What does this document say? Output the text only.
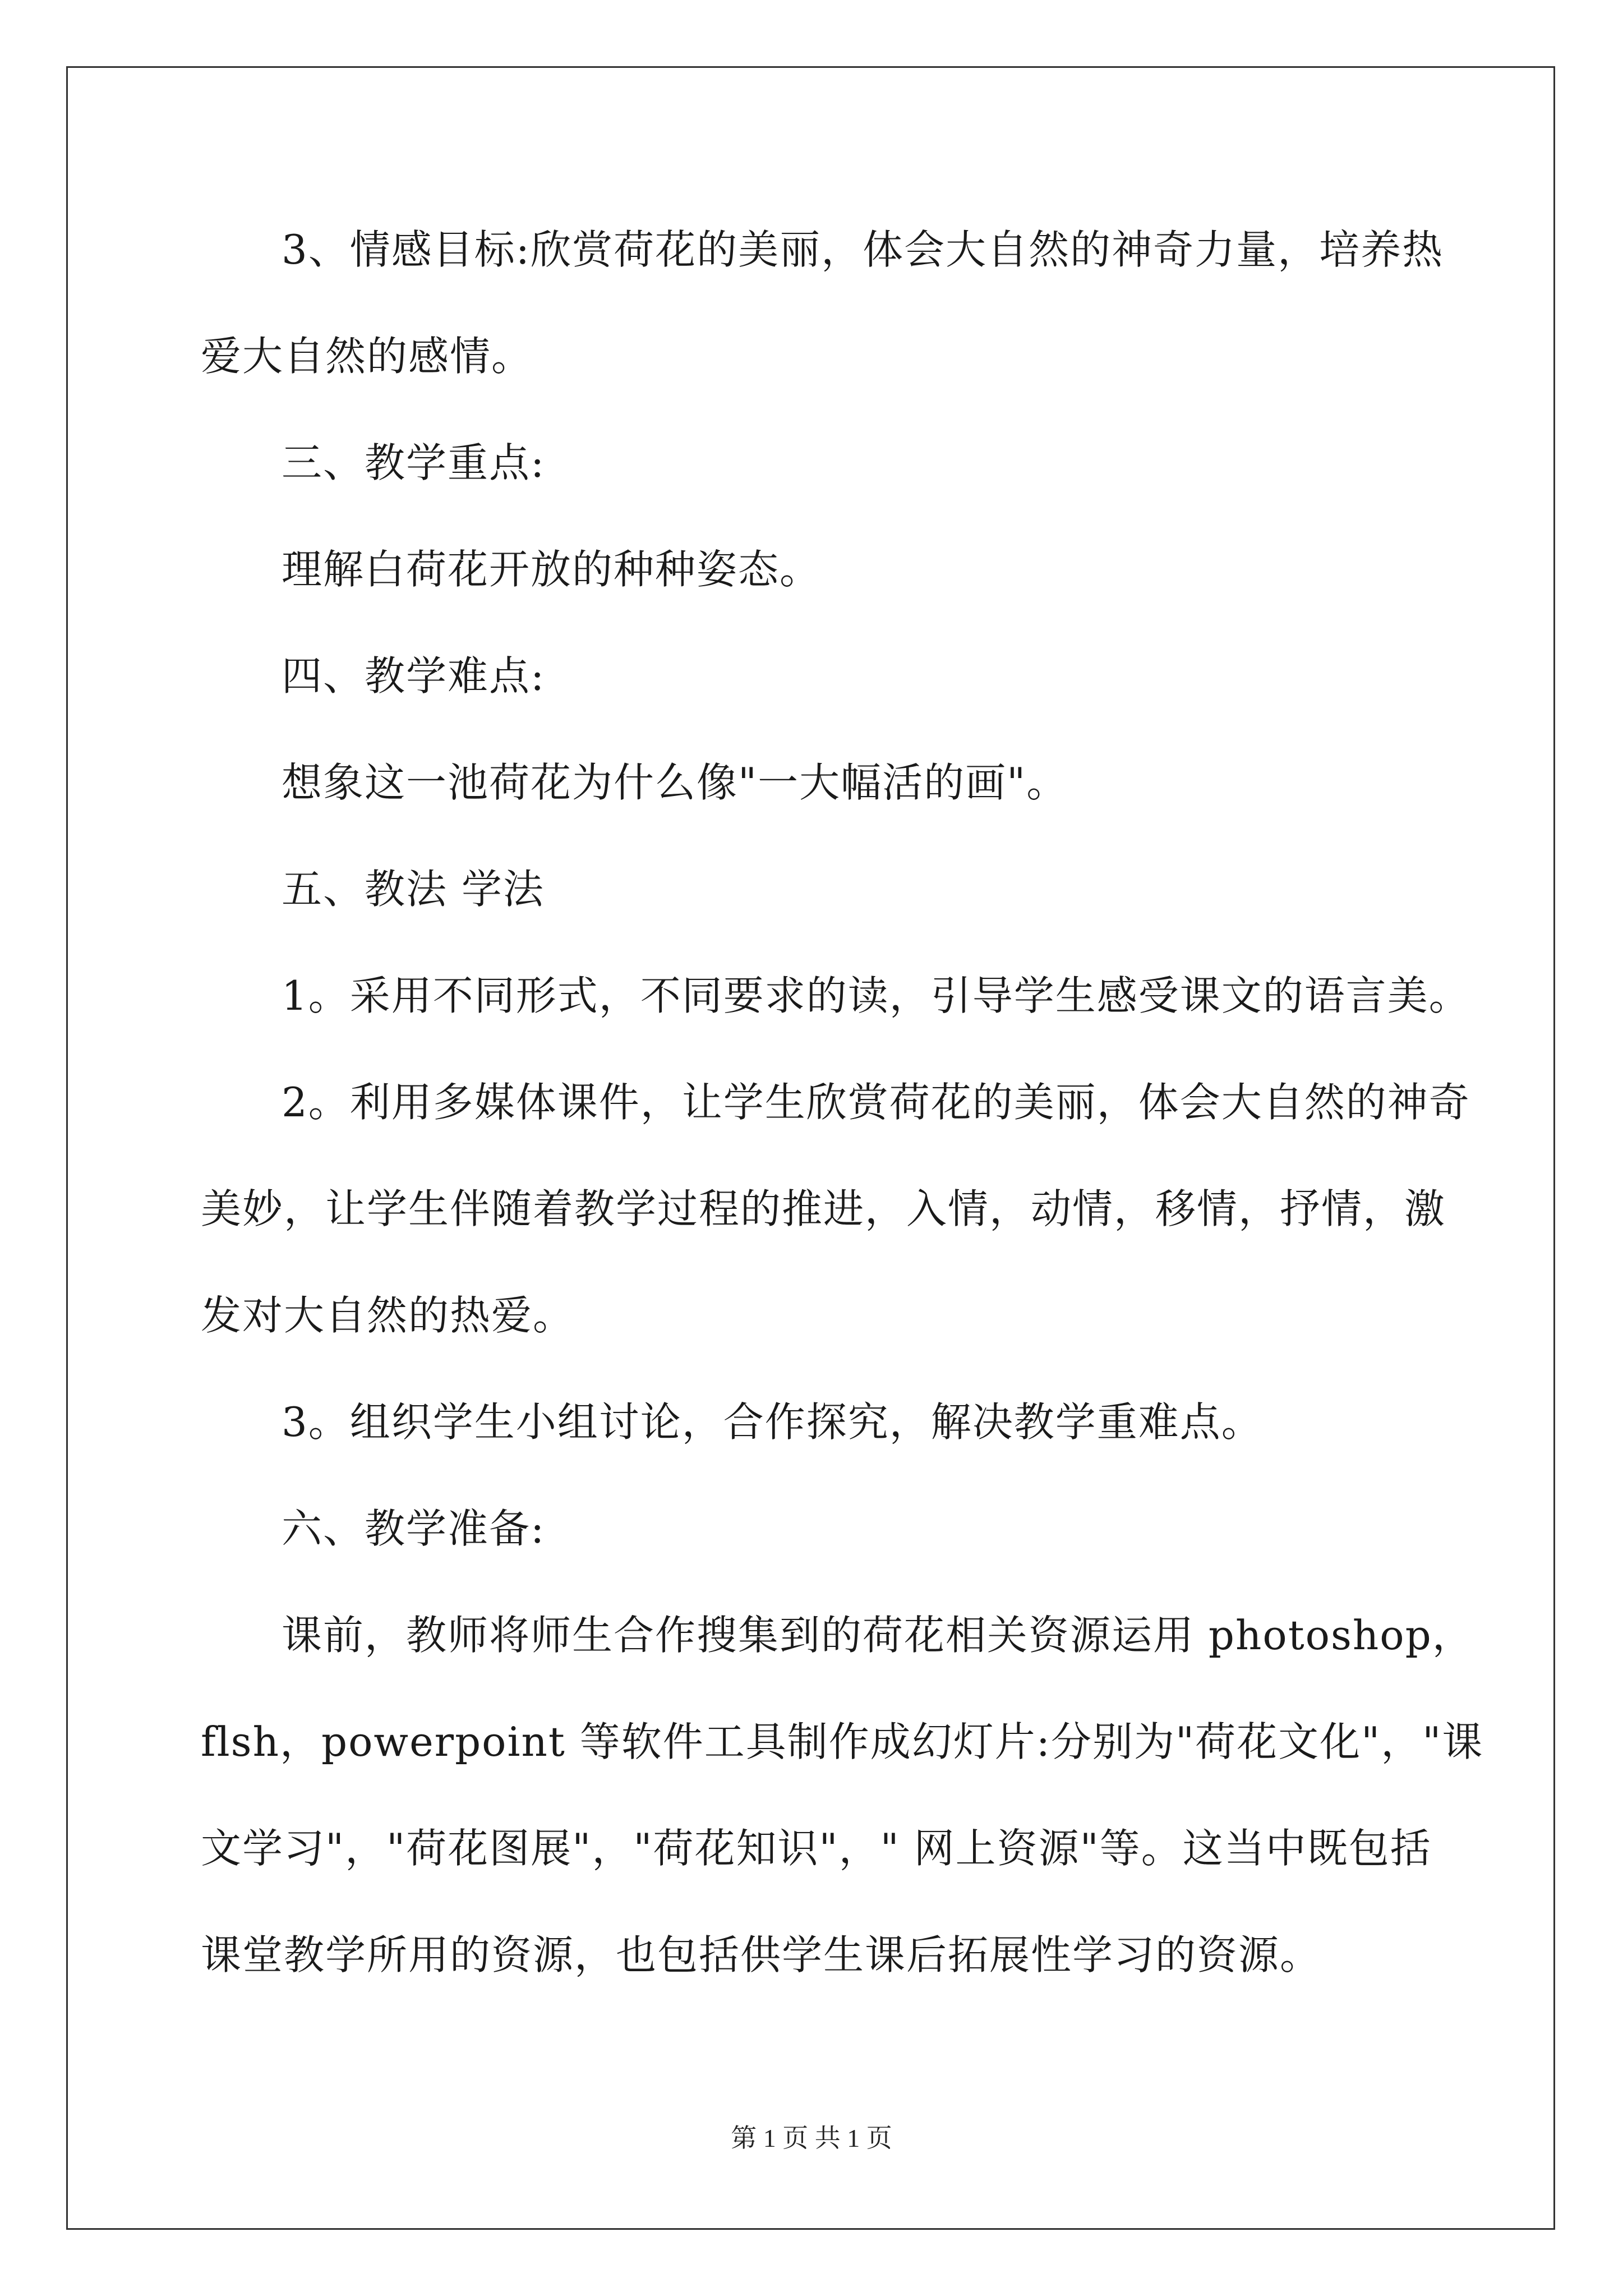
3、情感目标:欣赏荷花的美丽，体会大自然的神奇力量，培养热
爱大自然的感情。
三、教学重点:
理解白荷花开放的种种姿态。
四、教学难点:
想象这一池荷花为什么像"一大幅活的画"。
五、教法 学法
1。采用不同形式，不同要求的读，引导学生感受课文的语言美。
2。利用多媒体课件，让学生欣赏荷花的美丽，体会大自然的神奇
美妙，让学生伴随着教学过程的推进，入情，动情，移情，抒情，激
发对大自然的热爱。
3。组织学生小组讨论，合作探究，解决教学重难点。
六、教学准备:
课前，教师将师生合作搜集到的荷花相关资源运用 photoshop，
flsh，powerpoint 等软件工具制作成幻灯片:分别为"荷花文化"，"课
文学习"，"荷花图展"，"荷花知识"，" 网上资源"等。这当中既包括
课堂教学所用的资源，也包括供学生课后拓展性学习的资源。
第 1 页 共 1 页
